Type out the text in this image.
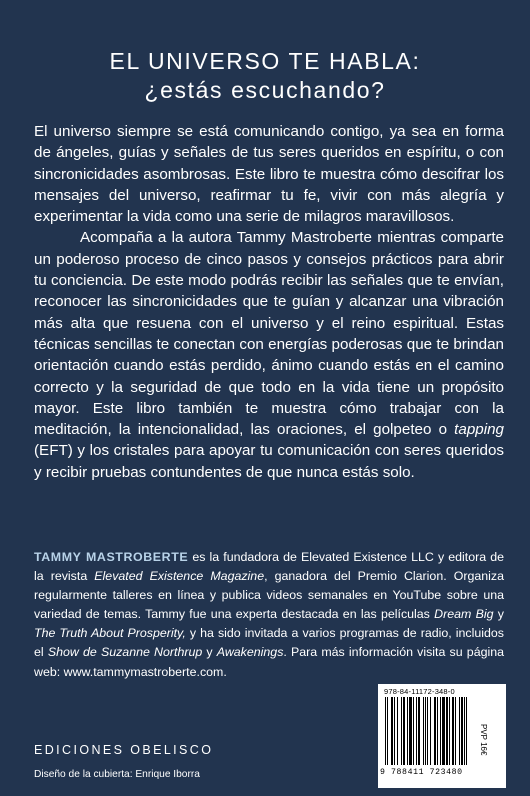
EL UNIVERSO TE HABLA:
¿estás escuchando?

El universo siempre se está comunicando contigo, ya sea en forma de ángeles, guías y señales de tus seres queridos en espíritu, o con sincronicidades asombrosas. Este libro te muestra cómo descifrar los mensajes del universo, reafirmar tu fe, vivir con más alegría y experimentar la vida como una serie de milagros maravillosos.

Acompaña a la autora Tammy Mastroberte mientras comparte un poderoso proceso de cinco pasos y consejos prácticos para abrir tu conciencia. De este modo podrás recibir las señales que te envían, reconocer las sincronicidades que te guían y alcanzar una vibración más alta que resuena con el universo y el reino espiritual. Estas técnicas sencillas te conectan con energías poderosas que te brindan orientación cuando estás perdido, ánimo cuando estás en el camino correcto y la seguridad de que todo en la vida tiene un propósito mayor. Este libro también te muestra cómo trabajar con la meditación, la intencionalidad, las oraciones, el golpeteo o tapping (EFT) y los cristales para apoyar tu comunicación con seres queridos y recibir pruebas contundentes de que nunca estás solo.

TAMMY MASTROBERTE es la fundadora de Elevated Existence LLC y editora de la revista Elevated Existence Magazine, ganadora del Premio Clarion. Organiza regularmente talleres en línea y publica videos semanales en YouTube sobre una variedad de temas. Tammy fue una experta destacada en las películas Dream Big y The Truth About Prosperity, y ha sido invitada a varios programas de radio, incluidos el Show de Suzanne Northrup y Awakenings. Para más información visita su página web: www.tammymastroberte.com.
EDICIONES OBELISCO
Diseño de la cubierta: Enrique Iborra
978-84-11172-348-0
PVP 16€
9 788411 723480
